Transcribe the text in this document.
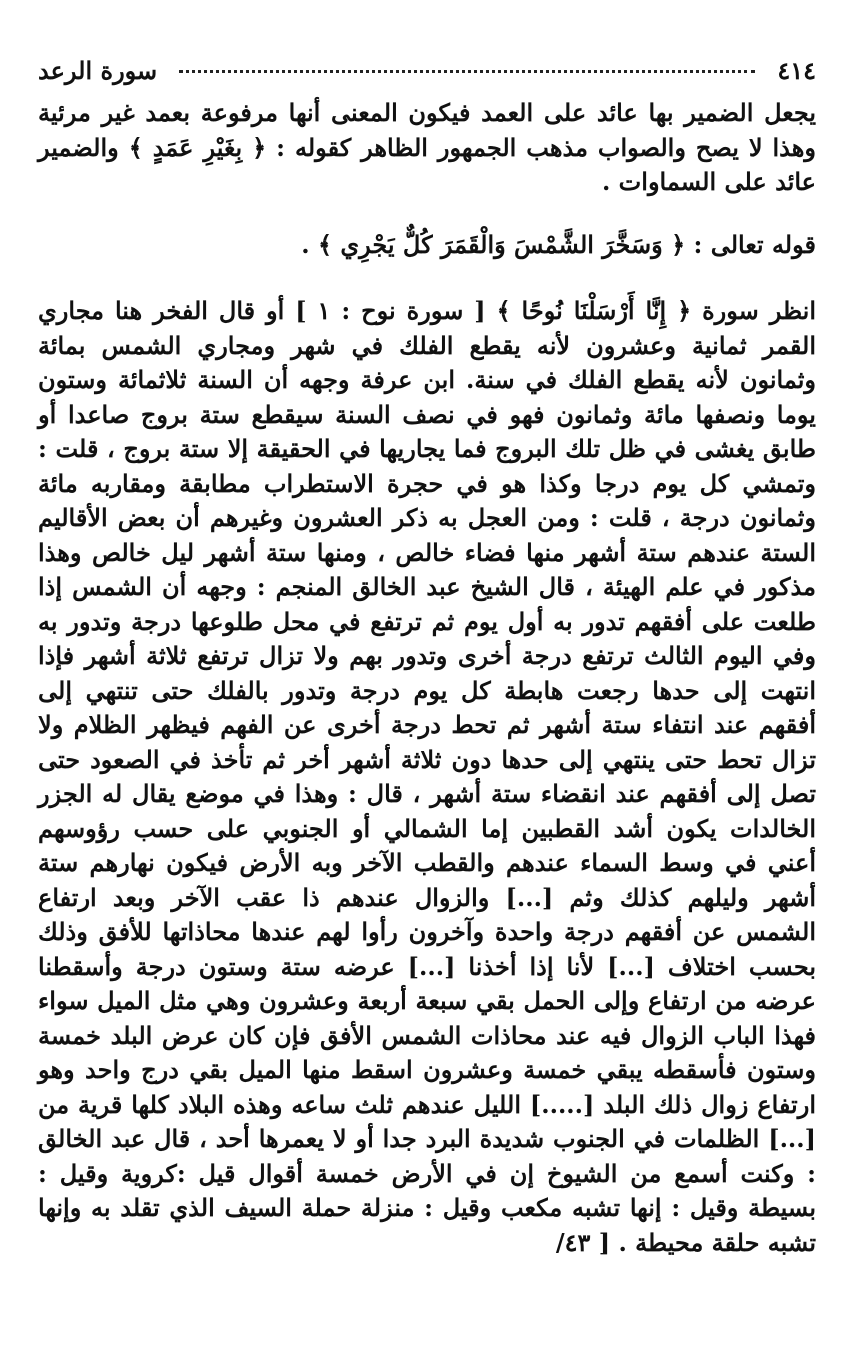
٤١٤
سورة الرعد

يجعل الضمير بها عائد على العمد فيكون المعنى أنها مرفوعة بعمد غير مرئية وهذا لا يصح والصواب مذهب الجمهور الظاهر كقوله : ﴿ بِغَيْرِ عَمَدٍ ﴾ والضمير عائد على السماوات .

قوله تعالى : ﴿ وَسَخَّرَ الشَّمْسَ وَالْقَمَرَ كُلٌّ يَجْرِي ﴾ .

انظر سورة ﴿ إِنَّا أَرْسَلْنَا نُوحًا ﴾ [ سورة نوح : ١ ] أو قال الفخر هنا مجاري القمر ثمانية وعشرون لأنه يقطع الفلك في شهر ومجاري الشمس بمائة وثمانون لأنه يقطع الفلك في سنة. ابن عرفة وجهه أن السنة ثلاثمائة وستون يوما ونصفها مائة وثمانون فهو في نصف السنة سيقطع ستة بروج صاعدا أو طابق يغشى في ظل تلك البروج فما يجاريها في الحقيقة إلا ستة بروج ، قلت : وتمشي كل يوم درجا وكذا هو في حجرة الاستطراب مطابقة ومقاربه مائة وثمانون درجة ، قلت : ومن العجل به ذكر العشرون وغيرهم أن بعض الأقاليم الستة عندهم ستة أشهر منها فضاء خالص ، ومنها ستة أشهر ليل خالص وهذا مذكور في علم الهيئة ، قال الشيخ عبد الخالق المنجم : وجهه أن الشمس إذا طلعت على أفقهم تدور به أول يوم ثم ترتفع في محل طلوعها درجة وتدور به وفي اليوم الثالث ترتفع درجة أخرى وتدور بهم ولا تزال ترتفع ثلاثة أشهر فإذا انتهت إلى حدها رجعت هابطة كل يوم درجة وتدور بالفلك حتى تنتهي إلى أفقهم عند انتفاء ستة أشهر ثم تحط درجة أخرى عن الفهم فيظهر الظلام ولا تزال تحط حتى ينتهي إلى حدها دون ثلاثة أشهر أخر ثم تأخذ في الصعود حتى تصل إلى أفقهم عند انقضاء ستة أشهر ، قال : وهذا في موضع يقال له الجزر الخالدات يكون أشد القطبين إما الشمالي أو الجنوبي على حسب رؤوسهم أعني في وسط السماء عندهم والقطب الآخر وبه الأرض فيكون نهارهم ستة أشهر وليلهم كذلك وثم [...] والزوال عندهم ذا عقب الآخر وبعد ارتفاع الشمس عن أفقهم درجة واحدة وآخرون رأوا لهم عندها محاذاتها للأفق وذلك بحسب اختلاف [...] لأنا إذا أخذنا [...] عرضه ستة وستون درجة وأسقطنا عرضه من ارتفاع وإلى الحمل بقي سبعة أربعة وعشرون وهي مثل الميل سواء فهذا الباب الزوال فيه عند محاذات الشمس الأفق فإن كان عرض البلد خمسة وستون فأسقطه يبقي خمسة وعشرون اسقط منها الميل بقي درج واحد وهو ارتفاع زوال ذلك البلد [.....] الليل عندهم ثلث ساعه وهذه البلاد كلها قرية من [...] الظلمات في الجنوب شديدة البرد جدا أو لا يعمرها أحد ، قال عبد الخالق : وكنت أسمع من الشيوخ إن في الأرض خمسة أقوال قيل :كروية وقيل : بسيطة وقيل : إنها تشبه مكعب وقيل : منزلة حملة السيف الذي تقلد به وإنها تشبه حلقة محيطة . [ ٤٣/
